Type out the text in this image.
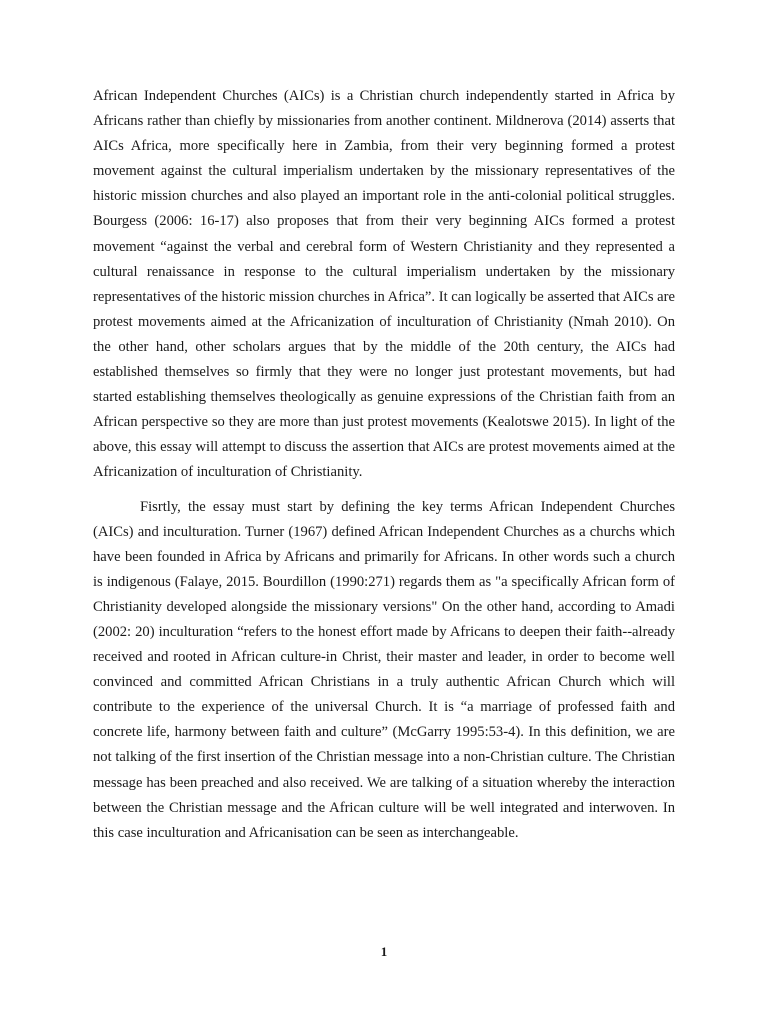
African Independent Churches (AICs) is a Christian church independently started in Africa by Africans rather than chiefly by missionaries from another continent. Mildnerova (2014) asserts that AICs Africa, more specifically here in Zambia, from their very beginning formed a protest movement against the cultural imperialism undertaken by the missionary representatives of the historic mission churches and also played an important role in the anti-colonial political struggles. Bourgess (2006: 16-17) also proposes that from their very beginning AICs formed a protest movement “against the verbal and cerebral form of Western Christianity and they represented a cultural renaissance in response to the cultural imperialism undertaken by the missionary representatives of the historic mission churches in Africa”. It can logically be asserted that AICs are protest movements aimed at the Africanization of inculturation of Christianity (Nmah 2010). On the other hand, other scholars argues that by the middle of the 20th century, the AICs had established themselves so firmly that they were no longer just protestant movements, but had started establishing themselves theologically as genuine expressions of the Christian faith from an African perspective so they are more than just protest movements (Kealotswe 2015). In light of the above, this essay will attempt to discuss the assertion that AICs are protest movements aimed at the Africanization of inculturation of Christianity.

Fisrtly, the essay must start by defining the key terms African Independent Churches (AICs) and inculturation. Turner (1967) defined African Independent Churches as a churchs which have been founded in Africa by Africans and primarily for Africans. In other words such a church is indigenous (Falaye, 2015. Bourdillon (1990:271) regards them as "a specifically African form of Christianity developed alongside the missionary versions" On the other hand, according to Amadi (2002: 20) inculturation “refers to the honest effort made by Africans to deepen their faith--already received and rooted in African culture-in Christ, their master and leader, in order to become well convinced and committed African Christians in a truly authentic African Church which will contribute to the experience of the universal Church. It is “a marriage of professed faith and concrete life, harmony between faith and culture” (McGarry 1995:53-4). In this definition, we are not talking of the first insertion of the Christian message into a non-Christian culture. The Christian message has been preached and also received. We are talking of a situation whereby the interaction between the Christian message and the African culture will be well integrated and interwoven. In this case inculturation and Africanisation can be seen as interchangeable.

1
